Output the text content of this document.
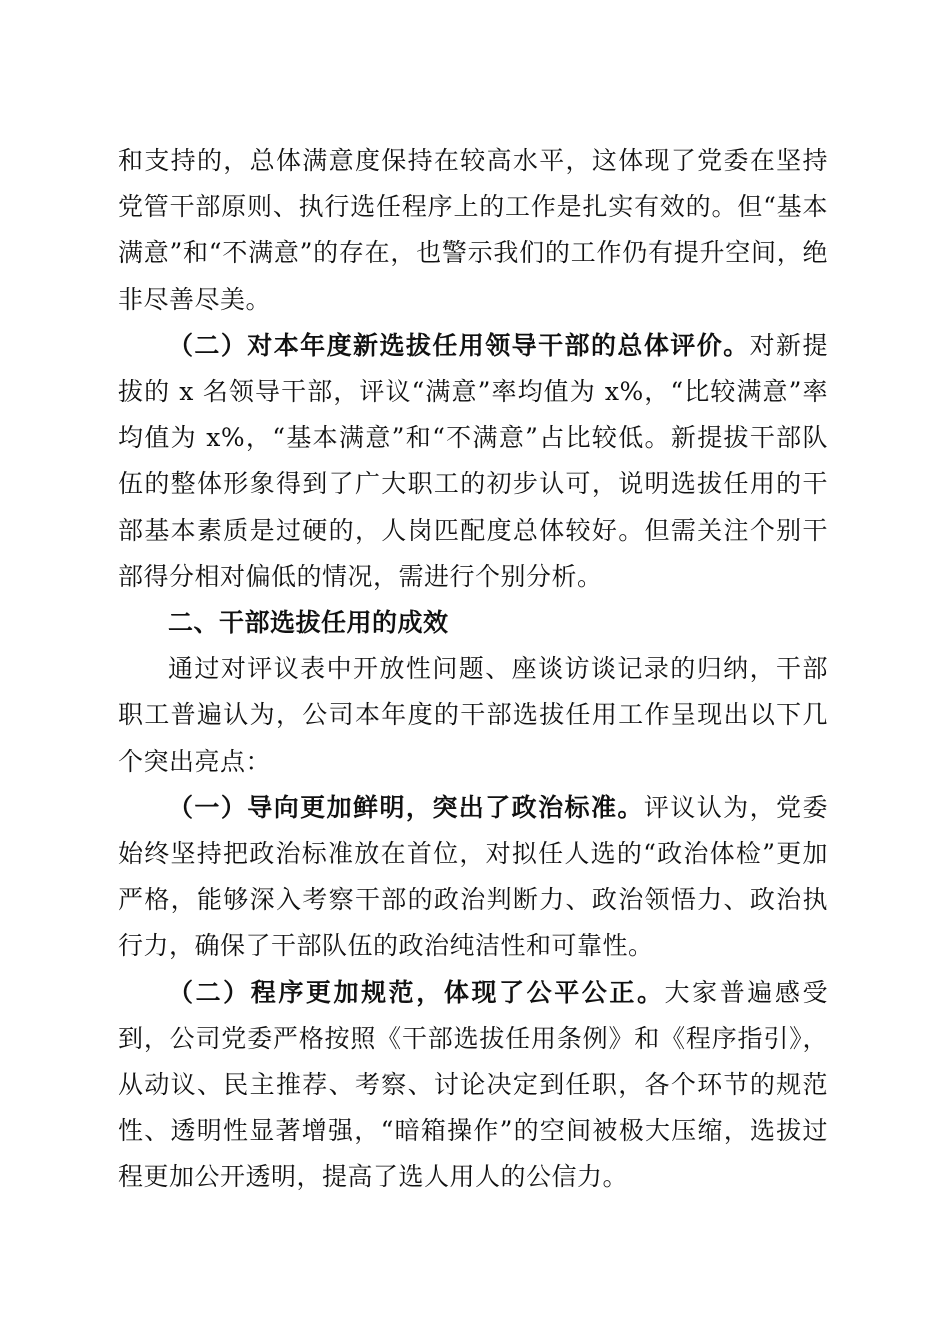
和支持的，总体满意度保持在较高水平，这体现了党委在坚持党管干部原则、执行选任程序上的工作是扎实有效的。但“基本满意”和“不满意”的存在，也警示我们的工作仍有提升空间，绝非尽善尽美。

（二）对本年度新选拔任用领导干部的总体评价。对新提拔的 x 名领导干部，评议“满意”率均值为 x%，“比较满意”率均值为 x%，“基本满意”和“不满意”占比较低。新提拔干部队伍的整体形象得到了广大职工的初步认可，说明选拔任用的干部基本素质是过硬的，人岗匹配度总体较好。但需关注个别干部得分相对偏低的情况，需进行个别分析。

二、干部选拔任用的成效

通过对评议表中开放性问题、座谈访谈记录的归纳，干部职工普遍认为，公司本年度的干部选拔任用工作呈现出以下几个突出亮点：

（一）导向更加鲜明，突出了政治标准。评议认为，党委始终坚持把政治标准放在首位，对拟任人选的“政治体检”更加严格，能够深入考察干部的政治判断力、政治领悟力、政治执行力，确保了干部队伍的政治纯洁性和可靠性。

（二）程序更加规范，体现了公平公正。大家普遍感受到，公司党委严格按照《干部选拔任用条例》和《程序指引》，从动议、民主推荐、考察、讨论决定到任职，各个环节的规范性、透明性显著增强，“暗箱操作”的空间被极大压缩，选拔过程更加公开透明，提高了选人用人的公信力。
